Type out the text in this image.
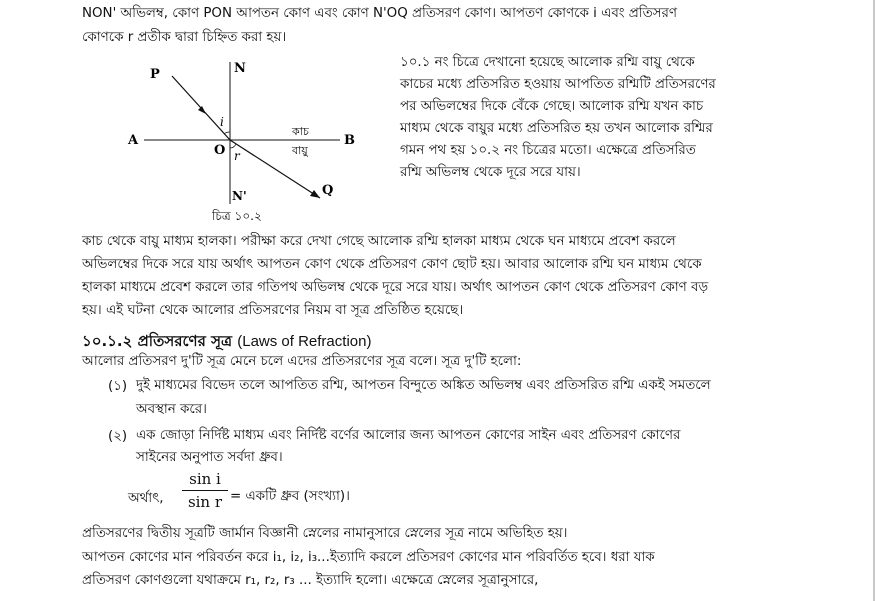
NON' অভিলম্ব, কোণ PON আপতন কোণ এবং কোণ N'OQ প্রতিসরণ কোণ। আপতণ কোণকে i এবং প্রতিসরণ
কোণকে r প্রতীক দ্বারা চিহ্নিত করা হয়।
P	N
A	B
O
i
r
কাচ
বায়ু
N'	Q
চিত্র ১০.২
১০.১ নং চিত্রে দেখানো হয়েছে আলোক রশ্মি বায়ু থেকে
কাচের মধ্যে প্রতিসরিত হওয়ায় আপতিত রশ্মিটি প্রতিসরণের
পর অভিলম্বের দিকে বেঁকে গেছে। আলোক রশ্মি যখন কাচ
মাধ্যম থেকে বায়ুর মধ্যে প্রতিসরিত হয় তখন আলোক রশ্মির
গমন পথ হয় ১০.২ নং চিত্রের মতো। এক্ষেত্রে প্রতিসরিত
রশ্মি অভিলম্ব থেকে দূরে সরে যায়।
কাচ থেকে বায়ু মাধ্যম হালকা। পরীক্ষা করে দেখা গেছে আলোক রশ্মি হালকা মাধ্যম থেকে ঘন মাধ্যমে প্রবেশ করলে
অভিলম্বের দিকে সরে যায় অর্থাৎ আপতন কোণ থেকে প্রতিসরণ কোণ ছোট হয়। আবার আলোক রশ্মি ঘন মাধ্যম থেকে
হালকা মাধ্যমে প্রবেশ করলে তার গতিপথ অভিলম্ব থেকে দূরে সরে যায়। অর্থাৎ আপতন কোণ থেকে প্রতিসরণ কোণ বড়
হয়। এই ঘটনা থেকে আলোর প্রতিসরণের নিয়ম বা সূত্র প্রতিষ্ঠিত হয়েছে।
১০.১.২ প্রতিসরণের সূত্র (Laws of Refraction)
আলোর প্রতিসরণ দু'টি সূত্র মেনে চলে এদের প্রতিসরণের সূত্র বলে। সূত্র দু'টি হলো:
(১) দুই মাধ্যমের বিভেদ তলে আপতিত রশ্মি, আপতন বিন্দুতে অঙ্কিত অভিলম্ব এবং প্রতিসরিত রশ্মি একই সমতলে
অবস্থান করে।
(২) এক জোড়া নির্দিষ্ট মাধ্যম এবং নির্দিষ্ট বর্ণের আলোর জন্য আপতন কোণের সাইন এবং প্রতিসরণ কোণের
সাইনের অনুপাত সর্বদা ধ্রুব।
অর্থাৎ,
sin i
sin r = একটি ধ্রুব (সংখ্যা)।
প্রতিসরণের দ্বিতীয় সূত্রটি জার্মান বিজ্ঞানী স্নেলের নামানুসারে স্নেলের সূত্র নামে অভিহিত হয়।
আপতন কোণের মান পরিবর্তন করে i₁, i₂, i₃...ইত্যাদি করলে প্রতিসরণ কোণের মান পরিবর্তিত হবে। ধরা যাক
প্রতিসরণ কোণগুলো যথাক্রমে r₁, r₂, r₃ ... ইত্যাদি হলো। এক্ষেত্রে স্নেলের সূত্রানুসারে,
